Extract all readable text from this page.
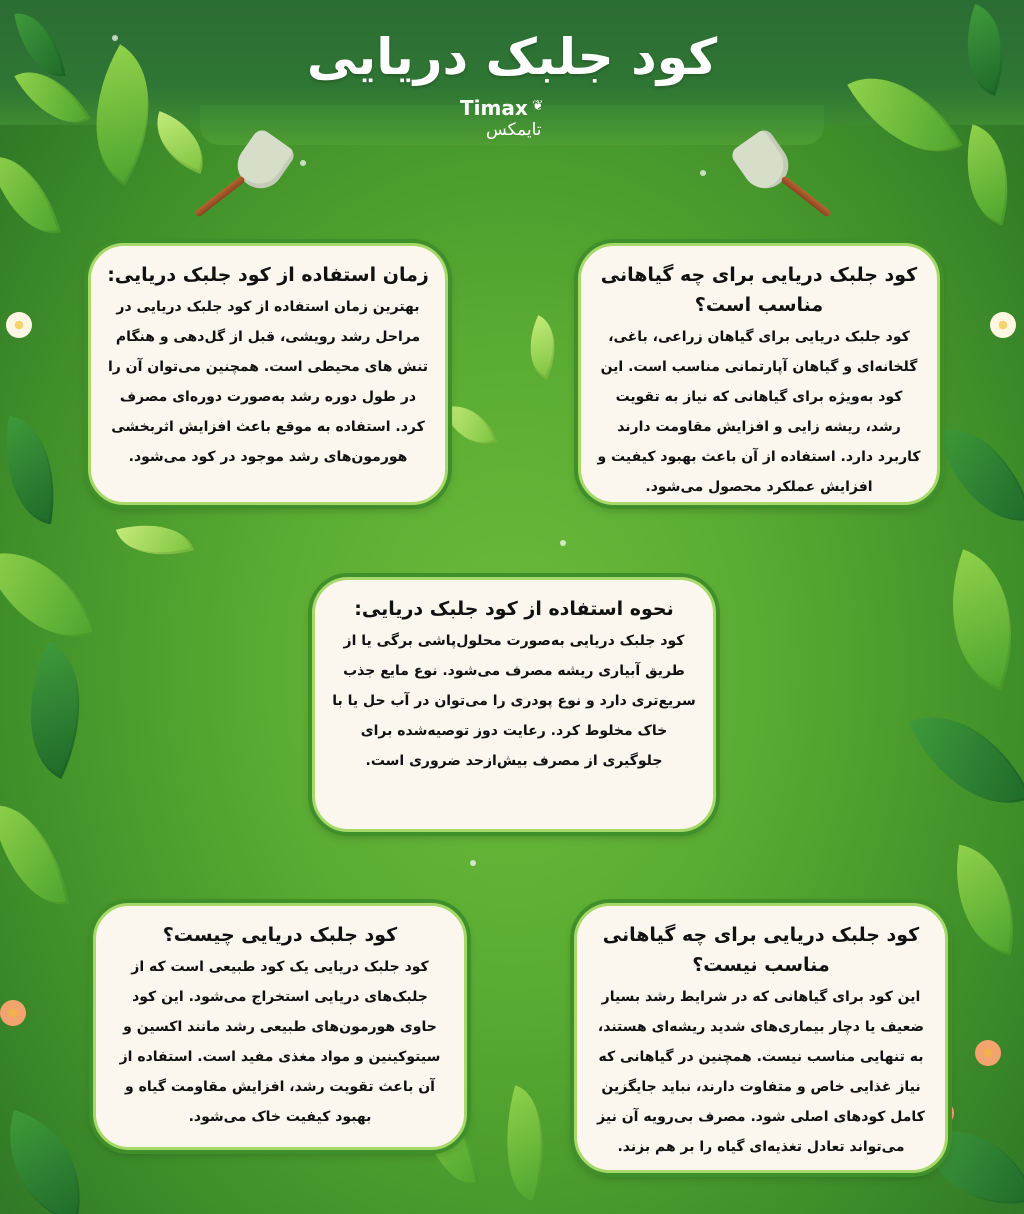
کود جلبک دریایی
Timax ❦
تایمکس
زمان استفاده از کود جلبک دریایی:

بهترین زمان استفاده از کود جلبک دریایی در مراحل رشد رویشی، قبل از گل‌دهی و هنگام تنش های محیطی است. همچنین می‌توان آن را در طول دوره رشد به‌صورت دوره‌ای مصرف کرد. استفاده به موقع باعث افزایش اثربخشی هورمون‌های رشد موجود در کود می‌شود.

کود جلبک دریایی برای چه گیاهانی مناسب است؟

کود جلبک دریایی برای گیاهان زراعی، باغی، گلخانه‌ای و گیاهان آپارتمانی مناسب است. این کود به‌ویژه برای گیاهانی که نیاز به تقویت رشد، ریشه زایی و افزایش مقاومت دارند کاربرد دارد. استفاده از آن باعث بهبود کیفیت و افزایش عملکرد محصول می‌شود.

نحوه استفاده از کود جلبک دریایی:

کود جلبک دریایی به‌صورت محلول‌پاشی برگی یا از طریق آبیاری ریشه مصرف می‌شود. نوع مایع جذب سریع‌تری دارد و نوع پودری را می‌توان در آب حل یا با خاک مخلوط کرد. رعایت دوز توصیه‌شده برای جلوگیری از مصرف بیش‌ازحد ضروری است.

کود جلبک دریایی چیست؟

کود جلبک دریایی یک کود طبیعی است که از جلبک‌های دریایی استخراج می‌شود. این کود حاوی هورمون‌های طبیعی رشد مانند اکسین و سیتوکینین و مواد مغذی مفید است. استفاده از آن باعث تقویت رشد، افزایش مقاومت گیاه و بهبود کیفیت خاک می‌شود.

کود جلبک دریایی برای چه گیاهانی مناسب نیست؟

این کود برای گیاهانی که در شرایط رشد بسیار ضعیف یا دچار بیماری‌های شدید ریشه‌ای هستند، به تنهایی مناسب نیست. همچنین در گیاهانی که نیاز غذایی خاص و متفاوت دارند، نباید جایگزین کامل کودهای اصلی شود. مصرف بی‌رویه آن نیز می‌تواند تعادل تغذیه‌ای گیاه را بر هم بزند.
